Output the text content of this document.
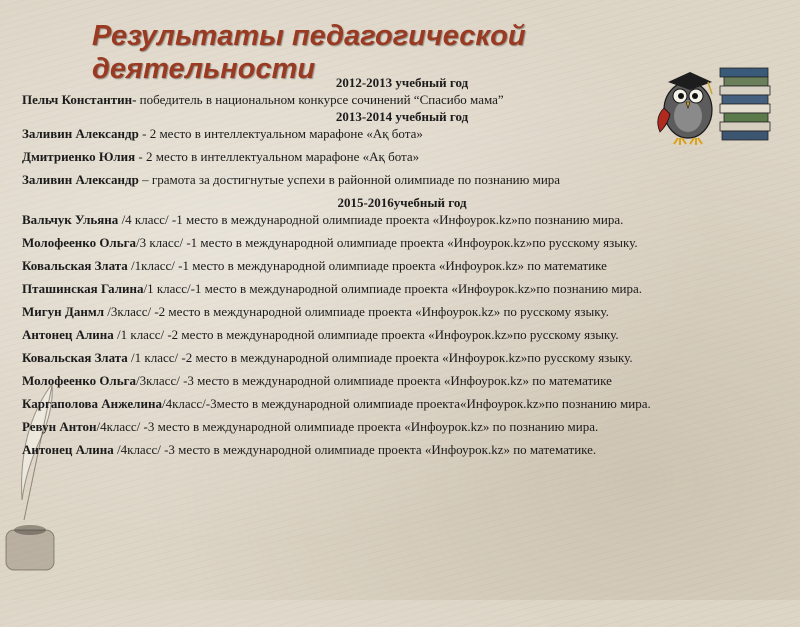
Результаты педагогической деятельности	2012-2013 учебный год

Пельч Константин- победитель в национальном конкурсе сочинений “Спасибо мама”

2013-2014 учебный год

Заливин Александр - 2 место в интеллектуальном марафоне «Ақ бота»

Дмитриенко Юлия - 2 место в интеллектуальном марафоне «Ақ бота»

Заливин Александр – грамота за достигнутые успехи в районной олимпиаде по познанию мира

2015-2016учебный год

Вальчук Ульяна /4 класс/ -1 место в международной олимпиаде проекта «Инфоурок.kz»по познанию мира.

Молофеенко Ольга/3 класс/ -1 место в международной олимпиаде проекта «Инфоурок.kz»по русскому языку.

Ковальская Злата /1класс/ -1 место в международной олимпиаде проекта «Инфоурок.kz» по математике

Пташинская Галина/1 класс/-1 место в международной олимпиаде проекта «Инфоурок.kz»по познанию мира.

Мигун Данмл /3класс/ -2 место в международной олимпиаде проекта «Инфоурок.kz» по русскому языку.

Антонец Алина /1 класс/ -2 место в международной олимпиаде проекта «Инфоурок.kz»по русскому языку.

Ковальская Злата /1 класс/ -2 место в международной олимпиаде проекта «Инфоурок.kz»по русскому языку.

Молофеенко Ольга/3класс/ -3 место в международной олимпиаде проекта «Инфоурок.kz» по математике

Каргаполова Анжелина/4класс/-3место в международной олимпиаде проекта«Инфоурок.kz»по познанию мира.

Ревун Антон/4класс/ -3 место в международной олимпиаде проекта «Инфоурок.kz» по познанию мира.

Антонец Алина /4класс/ -3 место в международной олимпиаде проекта «Инфоурок.kz» по математике.
